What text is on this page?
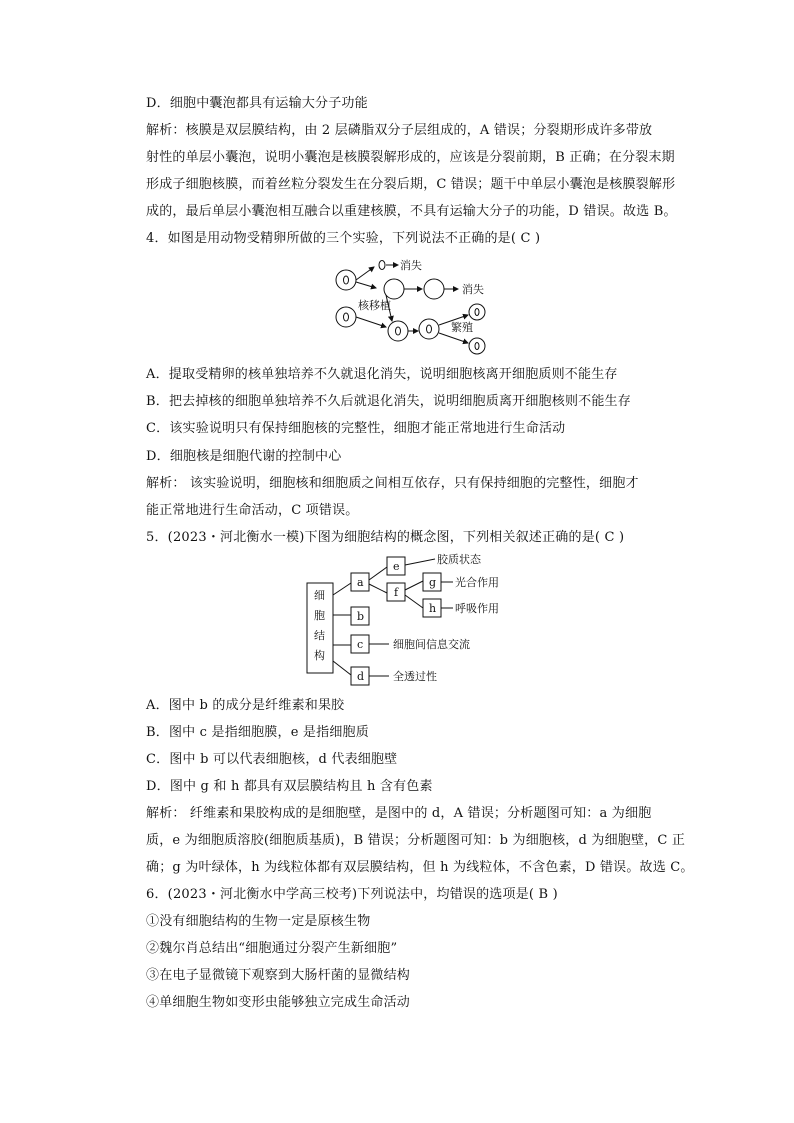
D．细胞中囊泡都具有运输大分子功能
解析：核膜是双层膜结构，由 2 层磷脂双分子层组成的，A 错误；分裂期形成许多带放
射性的单层小囊泡，说明小囊泡是核膜裂解形成的，应该是分裂前期，B 正确；在分裂末期
形成子细胞核膜，而着丝粒分裂发生在分裂后期，C 错误；题干中单层小囊泡是核膜裂解形
成的，最后单层小囊泡相互融合以重建核膜，不具有运输大分子的功能，D 错误。故选 B。
4．如图是用动物受精卵所做的三个实验，下列说法不正确的是( C )
消失
消失
核移植
繁殖
A．提取受精卵的核单独培养不久就退化消失，说明细胞核离开细胞质则不能生存
B．把去掉核的细胞单独培养不久后就退化消失，说明细胞质离开细胞核则不能生存
C．该实验说明只有保持细胞核的完整性，细胞才能正常地进行生命活动
D．细胞核是细胞代谢的控制中心
解析： 该实验说明，细胞核和细胞质之间相互依存，只有保持细胞的完整性，细胞才
能正常地进行生命活动，C 项错误。
5．(2023・河北衡水一模)下图为细胞结构的概念图，下列相关叙述正确的是( C )
细
胞
结
构
a
b
c
d
e
f
g
h
胶质状态
光合作用
呼吸作用
细胞间信息交流
全透过性
A．图中 b 的成分是纤维素和果胶
B．图中 c 是指细胞膜，e 是指细胞质
C．图中 b 可以代表细胞核，d 代表细胞壁
D．图中 g 和 h 都具有双层膜结构且 h 含有色素
解析： 纤维素和果胶构成的是细胞壁，是图中的 d，A 错误；分析题图可知：a 为细胞
质，e 为细胞质溶胶(细胞质基质)，B 错误；分析题图可知：b 为细胞核，d 为细胞壁，C 正
确；g 为叶绿体，h 为线粒体都有双层膜结构，但 h 为线粒体，不含色素，D 错误。故选 C。
6．(2023・河北衡水中学高三校考)下列说法中，均错误的选项是( B )
①没有细胞结构的生物一定是原核生物
②魏尔肖总结出“细胞通过分裂产生新细胞”
③在电子显微镜下观察到大肠杆菌的显微结构
④单细胞生物如变形虫能够独立完成生命活动
